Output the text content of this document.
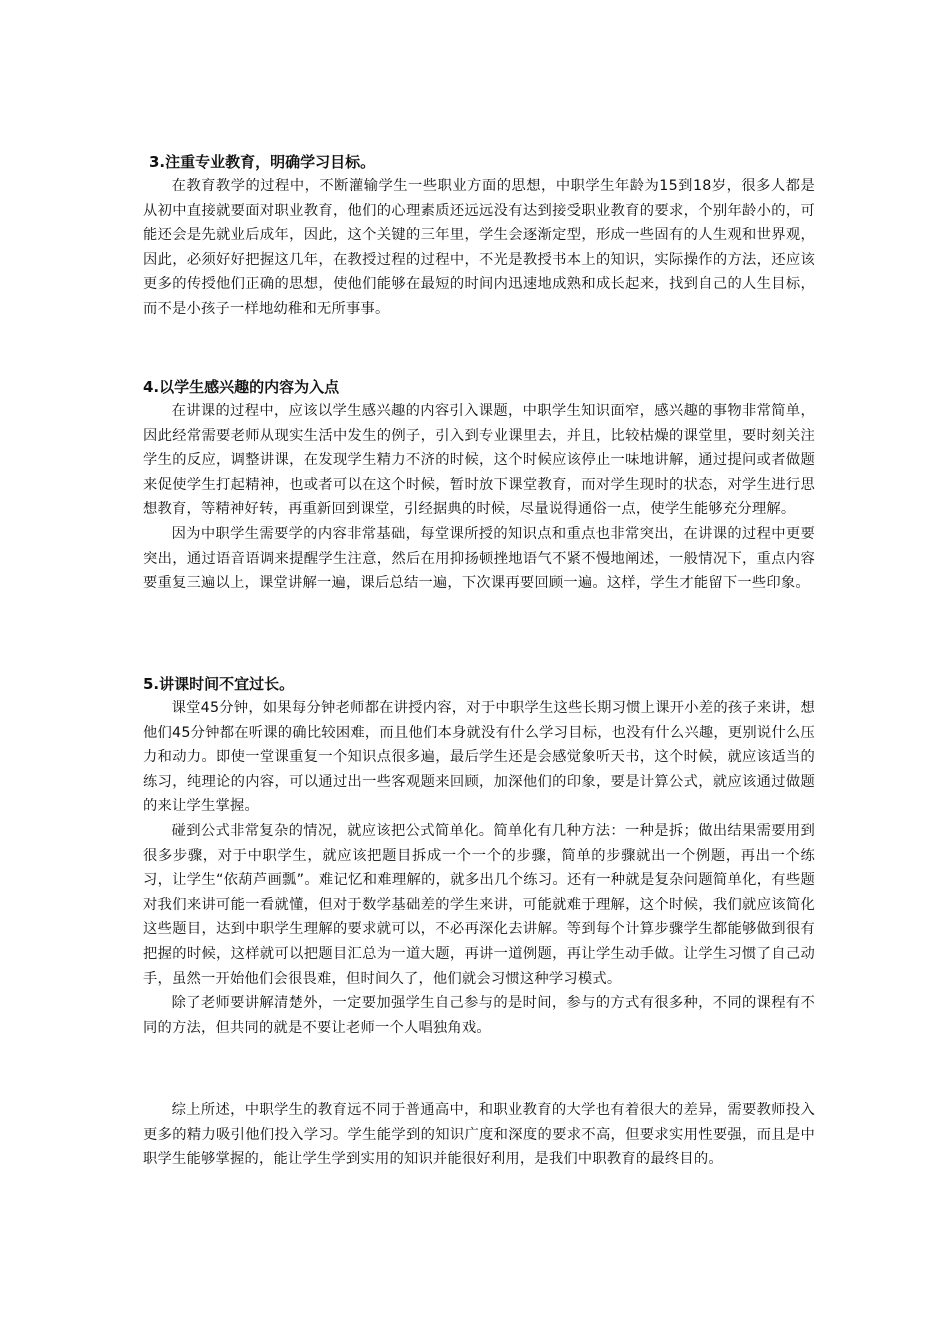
3.注重专业教育，明确学习目标。

在教育教学的过程中，不断灌输学生一些职业方面的思想，中职学生年龄为15到18岁，很多人都是从初中直接就要面对职业教育，他们的心理素质还远远没有达到接受职业教育的要求，个别年龄小的，可能还会是先就业后成年，因此，这个关键的三年里，学生会逐渐定型，形成一些固有的人生观和世界观，因此，必须好好把握这几年，在教授过程的过程中，不光是教授书本上的知识，实际操作的方法，还应该更多的传授他们正确的思想，使他们能够在最短的时间内迅速地成熟和成长起来，找到自己的人生目标，而不是小孩子一样地幼稚和无所事事。

4.以学生感兴趣的内容为入点

在讲课的过程中，应该以学生感兴趣的内容引入课题，中职学生知识面窄，感兴趣的事物非常简单，因此经常需要老师从现实生活中发生的例子，引入到专业课里去，并且，比较枯燥的课堂里，要时刻关注学生的反应，调整讲课，在发现学生精力不济的时候，这个时候应该停止一味地讲解，通过提问或者做题来促使学生打起精神，也或者可以在这个时候，暂时放下课堂教育，而对学生现时的状态，对学生进行思想教育，等精神好转，再重新回到课堂，引经据典的时候，尽量说得通俗一点，使学生能够充分理解。

因为中职学生需要学的内容非常基础，每堂课所授的知识点和重点也非常突出，在讲课的过程中更要突出，通过语音语调来提醒学生注意，然后在用抑扬顿挫地语气不紧不慢地阐述，一般情况下，重点内容要重复三遍以上，课堂讲解一遍，课后总结一遍，下次课再要回顾一遍。这样，学生才能留下一些印象。

5.讲课时间不宜过长。

课堂45分钟，如果每分钟老师都在讲授内容，对于中职学生这些长期习惯上课开小差的孩子来讲，想他们45分钟都在听课的确比较困难，而且他们本身就没有什么学习目标，也没有什么兴趣，更别说什么压力和动力。即使一堂课重复一个知识点很多遍，最后学生还是会感觉象听天书，这个时候，就应该适当的练习，纯理论的内容，可以通过出一些客观题来回顾，加深他们的印象，要是计算公式，就应该通过做题的来让学生掌握。

碰到公式非常复杂的情况，就应该把公式简单化。简单化有几种方法：一种是拆；做出结果需要用到很多步骤，对于中职学生，就应该把题目拆成一个一个的步骤，简单的步骤就出一个例题，再出一个练习，让学生“依葫芦画瓢”。难记忆和难理解的，就多出几个练习。还有一种就是复杂问题简单化，有些题对我们来讲可能一看就懂，但对于数学基础差的学生来讲，可能就难于理解，这个时候，我们就应该简化这些题目，达到中职学生理解的要求就可以，不必再深化去讲解。等到每个计算步骤学生都能够做到很有把握的时候，这样就可以把题目汇总为一道大题，再讲一道例题，再让学生动手做。让学生习惯了自己动手，虽然一开始他们会很畏难，但时间久了，他们就会习惯这种学习模式。

除了老师要讲解清楚外，一定要加强学生自己参与的是时间，参与的方式有很多种，不同的课程有不同的方法，但共同的就是不要让老师一个人唱独角戏。

综上所述，中职学生的教育远不同于普通高中，和职业教育的大学也有着很大的差异，需要教师投入更多的精力吸引他们投入学习。学生能学到的知识广度和深度的要求不高，但要求实用性要强，而且是中职学生能够掌握的，能让学生学到实用的知识并能很好利用，是我们中职教育的最终目的。
